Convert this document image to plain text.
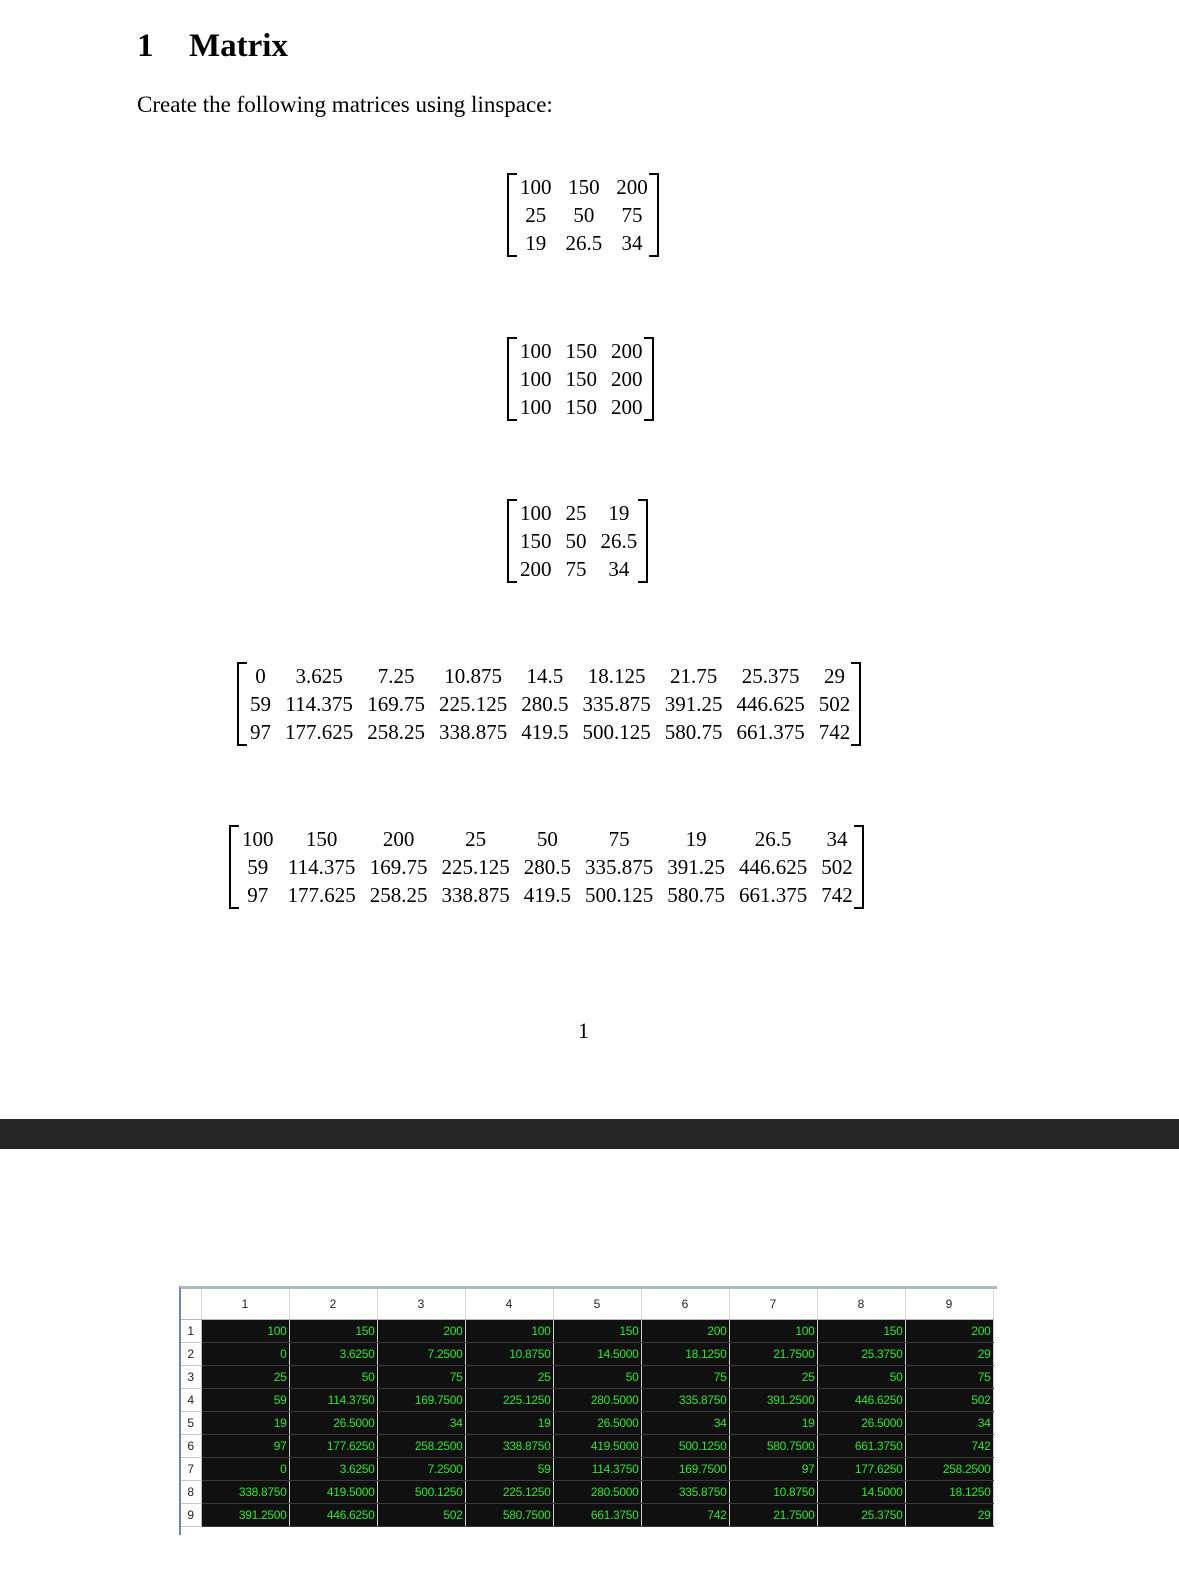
1 Matrix

Create the following matrices using linspace:

100	150	200
25	50	75
19	26.5	34
100	150	200
100	150	200
100	150	200
100	25	19
150	50	26.5
200	75	34
0	3.625	7.25	10.875	14.5	18.125	21.75	25.375	29
59	114.375	169.75	225.125	280.5	335.875	391.25	446.625	502
97	177.625	258.25	338.875	419.5	500.125	580.75	661.375	742
100	150	200	25	50	75	19	26.5	34
59	114.375	169.75	225.125	280.5	335.875	391.25	446.625	502
97	177.625	258.25	338.875	419.5	500.125	580.75	661.375	742
1
	1	2	3	4	5	6	7	8	9
1	100	150	200	100	150	200	100	150	200
2	0	3.6250	7.2500	10.8750	14.5000	18.1250	21.7500	25.3750	29
3	25	50	75	25	50	75	25	50	75
4	59	114.3750	169.7500	225.1250	280.5000	335.8750	391.2500	446.6250	502
5	19	26.5000	34	19	26.5000	34	19	26.5000	34
6	97	177.6250	258.2500	338.8750	419.5000	500.1250	580.7500	661.3750	742
7	0	3.6250	7.2500	59	114.3750	169.7500	97	177.6250	258.2500
8	338.8750	419.5000	500.1250	225.1250	280.5000	335.8750	10.8750	14.5000	18.1250
9	391.2500	446.6250	502	580.7500	661.3750	742	21.7500	25.3750	29
